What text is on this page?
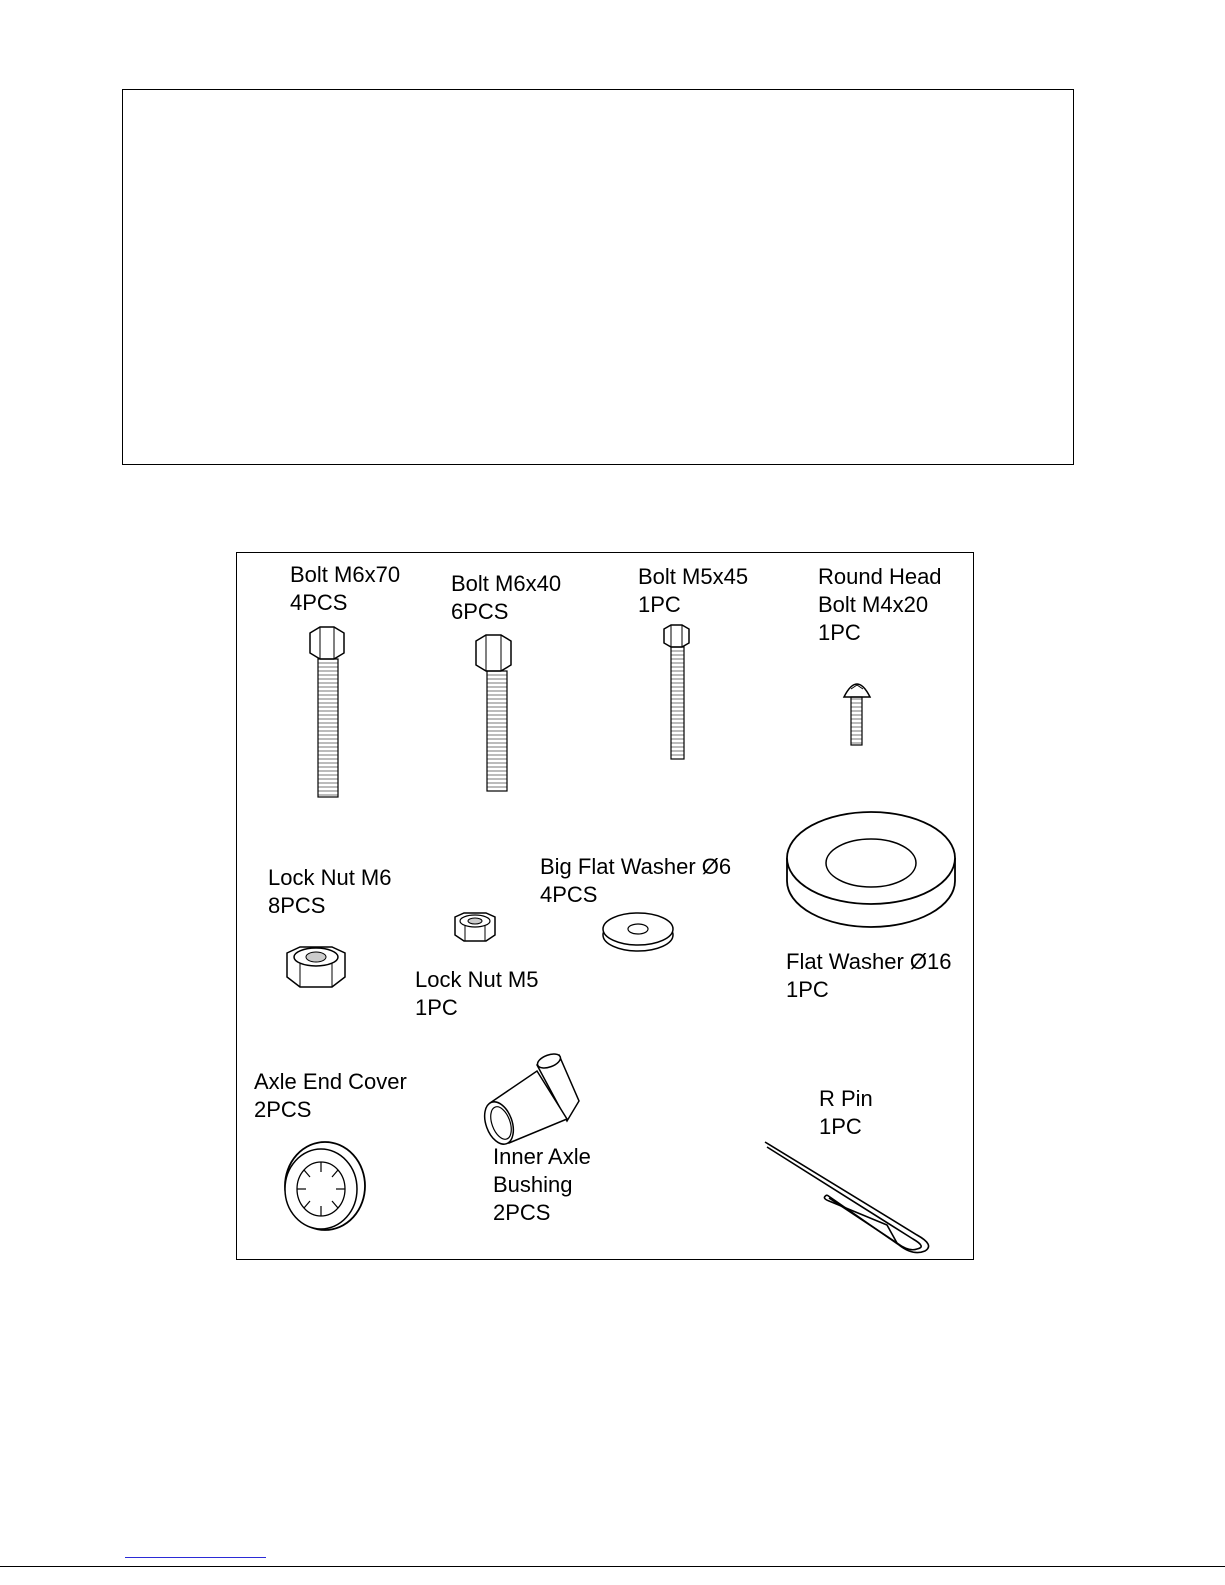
Bolt M6x70
4PCS
Bolt M6x40
6PCS
Bolt M5x45
1PC
Round Head
Bolt M4x20
1PC
Lock Nut M6
8PCS
Lock Nut M5
1PC
Big Flat Washer Ø6
4PCS
Flat Washer Ø16
1PC
Axle End Cover
2PCS
Inner Axle
Bushing
2PCS
R Pin
1PC
